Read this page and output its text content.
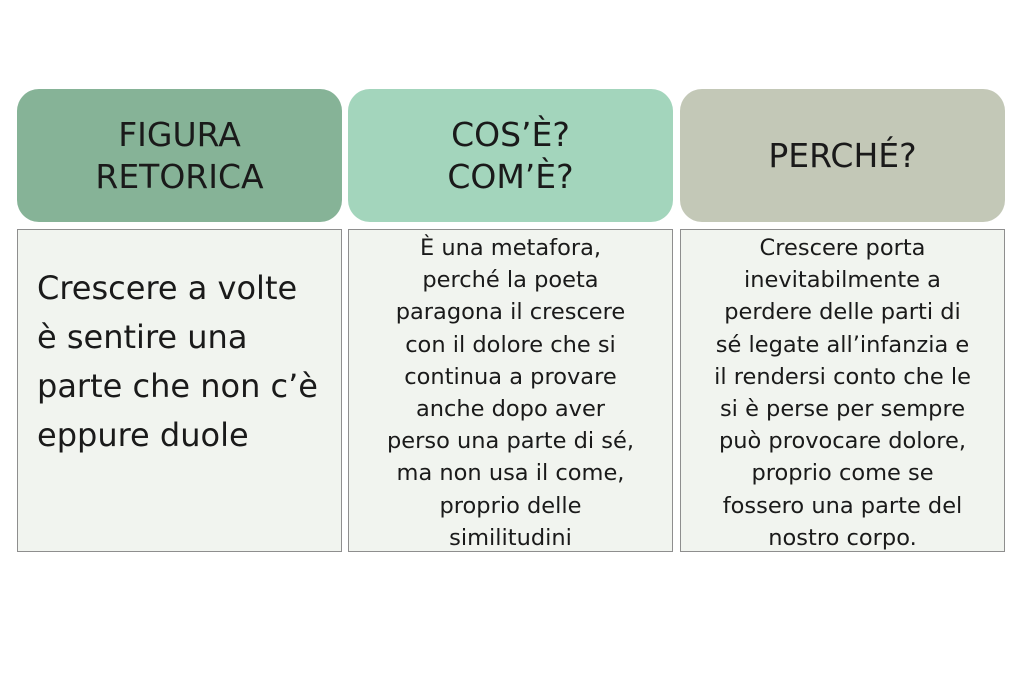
FIGURA
RETORICA
COS’È?
COM’È?
PERCHÉ?
Crescere a volte
è sentire una
parte che non c’è
eppure duole
È una metafora,
perché la poeta
paragona il crescere
con il dolore che si
continua a provare
anche dopo aver
perso una parte di sé,
ma non usa il come,
proprio delle
similitudini
Crescere porta
inevitabilmente a
perdere delle parti di
sé legate all’infanzia e
il rendersi conto che le
si è perse per sempre
può provocare dolore,
proprio come se
fossero una parte del
nostro corpo.
